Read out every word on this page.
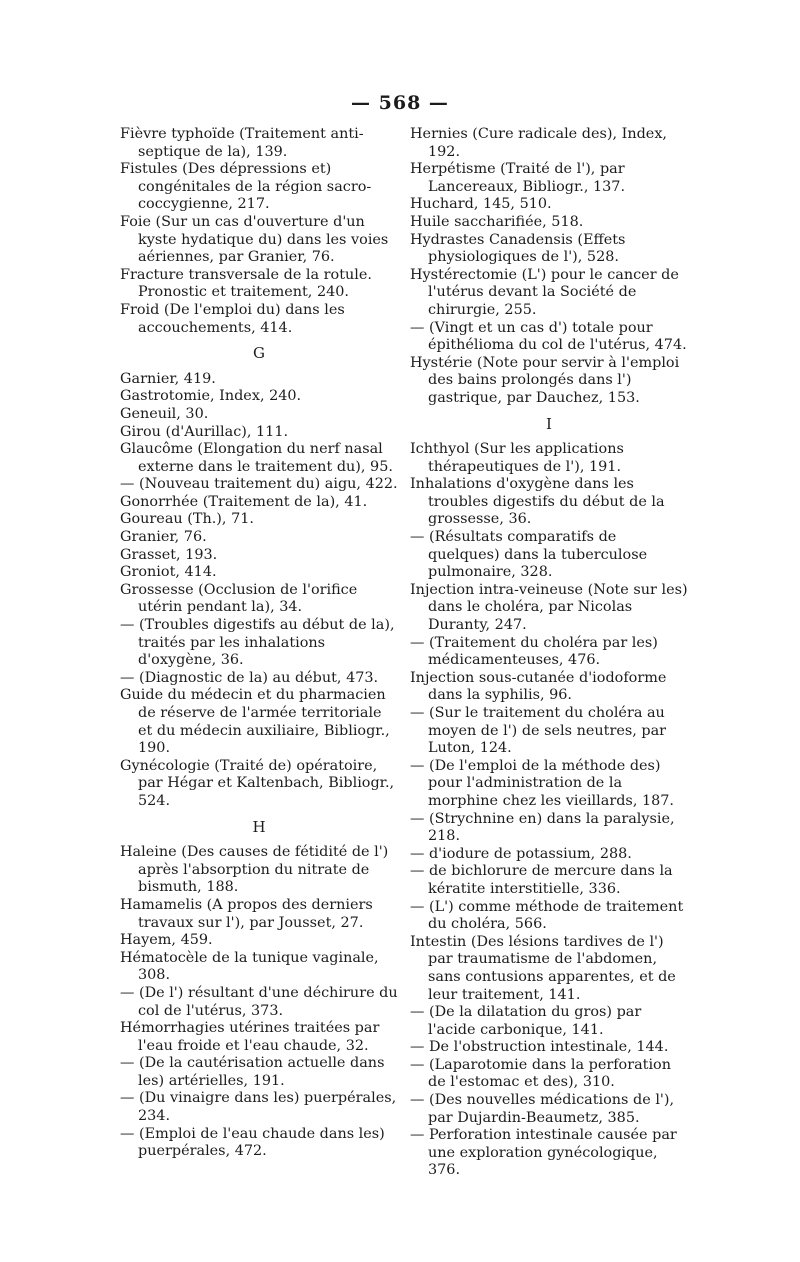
— 568 —
Fièvre typhoïde (Traitement anti-septique de la), 139.
Fistules (Des dépressions et) congénitales de la région sacro-coccygienne, 217.
Foie (Sur un cas d'ouverture d'un kyste hydatique du) dans les voies aériennes, par Granier, 76.
Fracture transversale de la rotule. Pronostic et traitement, 240.
Froid (De l'emploi du) dans les accouchements, 414.
G
Garnier, 419.
Gastrotomie, Index, 240.
Geneuil, 30.
Girou (d'Aurillac), 111.
Glaucôme (Elongation du nerf nasal externe dans le traitement du), 95.
— (Nouveau traitement du) aigu, 422.
Gonorrhée (Traitement de la), 41.
Goureau (Th.), 71.
Granier, 76.
Grasset, 193.
Groniot, 414.
Grossesse (Occlusion de l'orifice utérin pendant la), 34.
— (Troubles digestifs au début de la), traités par les inhalations d'oxygène, 36.
— (Diagnostic de la) au début, 473.
Guide du médecin et du pharmacien de réserve de l'armée territoriale et du médecin auxiliaire, Bibliogr., 190.
Gynécologie (Traité de) opératoire, par Hégar et Kaltenbach, Bibliogr., 524.
H
Haleine (Des causes de fétidité de l') après l'absorption du nitrate de bismuth, 188.
Hamamelis (A propos des derniers travaux sur l'), par Jousset, 27.
Hayem, 459.
Hématocèle de la tunique vaginale, 308.
— (De l') résultant d'une déchirure du col de l'utérus, 373.
Hémorrhagies utérines traitées par l'eau froide et l'eau chaude, 32.
— (De la cautérisation actuelle dans les) artérielles, 191.
— (Du vinaigre dans les) puerpérales, 234.
— (Emploi de l'eau chaude dans les) puerpérales, 472.
Hernies (Cure radicale des), Index, 192.
Herpétisme (Traité de l'), par Lancereaux, Bibliogr., 137.
Huchard, 145, 510.
Huile saccharifiée, 518.
Hydrastes Canadensis (Effets physiologiques de l'), 528.
Hystérectomie (L') pour le cancer de l'utérus devant la Société de chirurgie, 255.
— (Vingt et un cas d') totale pour épithélioma du col de l'utérus, 474.
Hystérie (Note pour servir à l'emploi des bains prolongés dans l') gastrique, par Dauchez, 153.
I
Ichthyol (Sur les applications thérapeutiques de l'), 191.
Inhalations d'oxygène dans les troubles digestifs du début de la grossesse, 36.
— (Résultats comparatifs de quelques) dans la tuberculose pulmonaire, 328.
Injection intra-veineuse (Note sur les) dans le choléra, par Nicolas Duranty, 247.
— (Traitement du choléra par les) médicamenteuses, 476.
Injection sous-cutanée d'iodoforme dans la syphilis, 96.
— (Sur le traitement du choléra au moyen de l') de sels neutres, par Luton, 124.
— (De l'emploi de la méthode des) pour l'administration de la morphine chez les vieillards, 187.
— (Strychnine en) dans la paralysie, 218.
— d'iodure de potassium, 288.
— de bichlorure de mercure dans la kératite interstitielle, 336.
— (L') comme méthode de traitement du choléra, 566.
Intestin (Des lésions tardives de l') par traumatisme de l'abdomen, sans contusions apparentes, et de leur traitement, 141.
— (De la dilatation du gros) par l'acide carbonique, 141.
— De l'obstruction intestinale, 144.
— (Laparotomie dans la perforation de l'estomac et des), 310.
— (Des nouvelles médications de l'), par Dujardin-Beaumetz, 385.
— Perforation intestinale causée par une exploration gynécologique, 376.
